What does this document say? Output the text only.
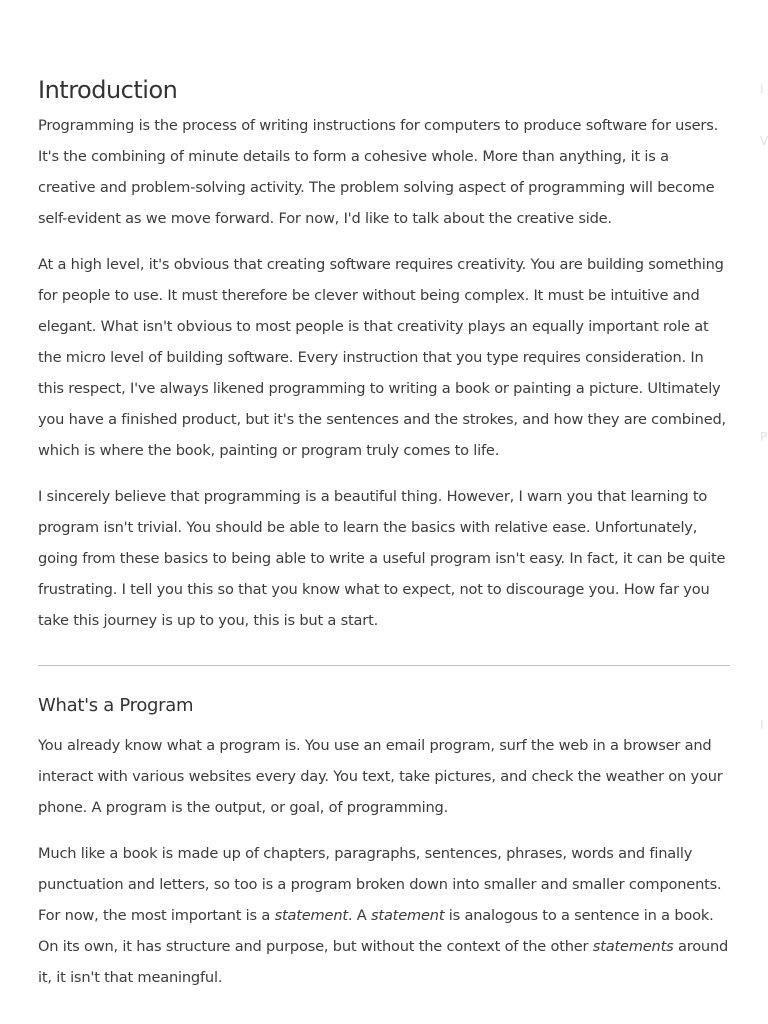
Introduction

Programming is the process of writing instructions for computers to produce software for users. It's the combining of minute details to form a cohesive whole. More than anything, it is a creative and problem-solving activity. The problem solving aspect of programming will become self-evident as we move forward. For now, I'd like to talk about the creative side.

At a high level, it's obvious that creating software requires creativity. You are building something for people to use. It must therefore be clever without being complex. It must be intuitive and elegant. What isn't obvious to most people is that creativity plays an equally important role at the micro level of building software. Every instruction that you type requires consideration. In this respect, I've always likened programming to writing a book or painting a picture. Ultimately you have a finished product, but it's the sentences and the strokes, and how they are combined, which is where the book, painting or program truly comes to life.

I sincerely believe that programming is a beautiful thing. However, I warn you that learning to program isn't trivial. You should be able to learn the basics with relative ease. Unfortunately, going from these basics to being able to write a useful program isn't easy. In fact, it can be quite frustrating. I tell you this so that you know what to expect, not to discourage you. How far you take this journey is up to you, this is but a start.

What's a Program

You already know what a program is. You use an email program, surf the web in a browser and interact with various websites every day. You text, take pictures, and check the weather on your phone. A program is the output, or goal, of programming.

Much like a book is made up of chapters, paragraphs, sentences, phrases, words and finally punctuation and letters, so too is a program broken down into smaller and smaller components. For now, the most important is a statement. A statement is analogous to a sentence in a book. On its own, it has structure and purpose, but without the context of the other statements around it, it isn't that meaningful.

I
V
P
I
